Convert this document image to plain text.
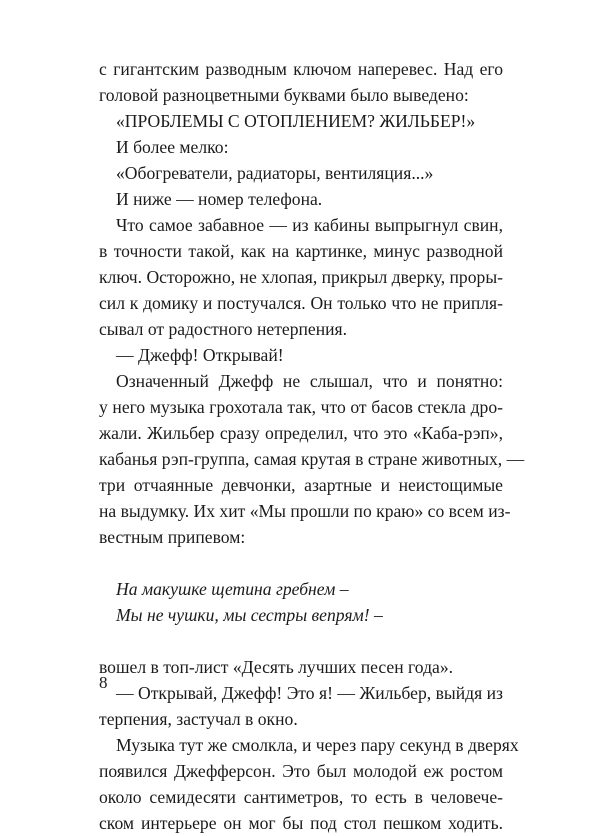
с гигантским разводным ключом наперевес. Над его
головой разноцветными буквами было выведено:
«ПРОБЛЕМЫ С ОТОПЛЕНИЕМ? ЖИЛЬБЕР!»
И более мелко:
«Обогреватели, радиаторы, вентиляция...»
И ниже — номер телефона.
Что самое забавное — из кабины выпрыгнул свин,
в точности такой, как на картинке, минус разводной
ключ. Осторожно, не хлопая, прикрыл дверку, проры-
сил к домику и постучался. Он только что не припля-
сывал от радостного нетерпения.
— Джефф! Открывай!
Означенный Джефф не слышал, что и понятно:
у него музыка грохотала так, что от басов стекла дро-
жали. Жильбер сразу определил, что это «Каба-рэп»,
кабанья рэп-группа, самая крутая в стране животных, —
три отчаянные девчонки, азартные и неистощимые
на выдумку. Их хит «Мы прошли по краю» со всем из-
вестным припевом:
На макушке щетина гребнем –
Мы не чушки, мы сестры вепрям! –
вошел в топ-лист «Десять лучших песен года».
— Открывай, Джефф! Это я! — Жильбер, выйдя из
терпения, застучал в окно.
Музыка тут же смолкла, и через пару секунд в дверях
появился Джефферсон. Это был молодой еж ростом
около семидесяти сантиметров, то есть в человече-
ском интерьере он мог бы под стол пешком ходить.
8
